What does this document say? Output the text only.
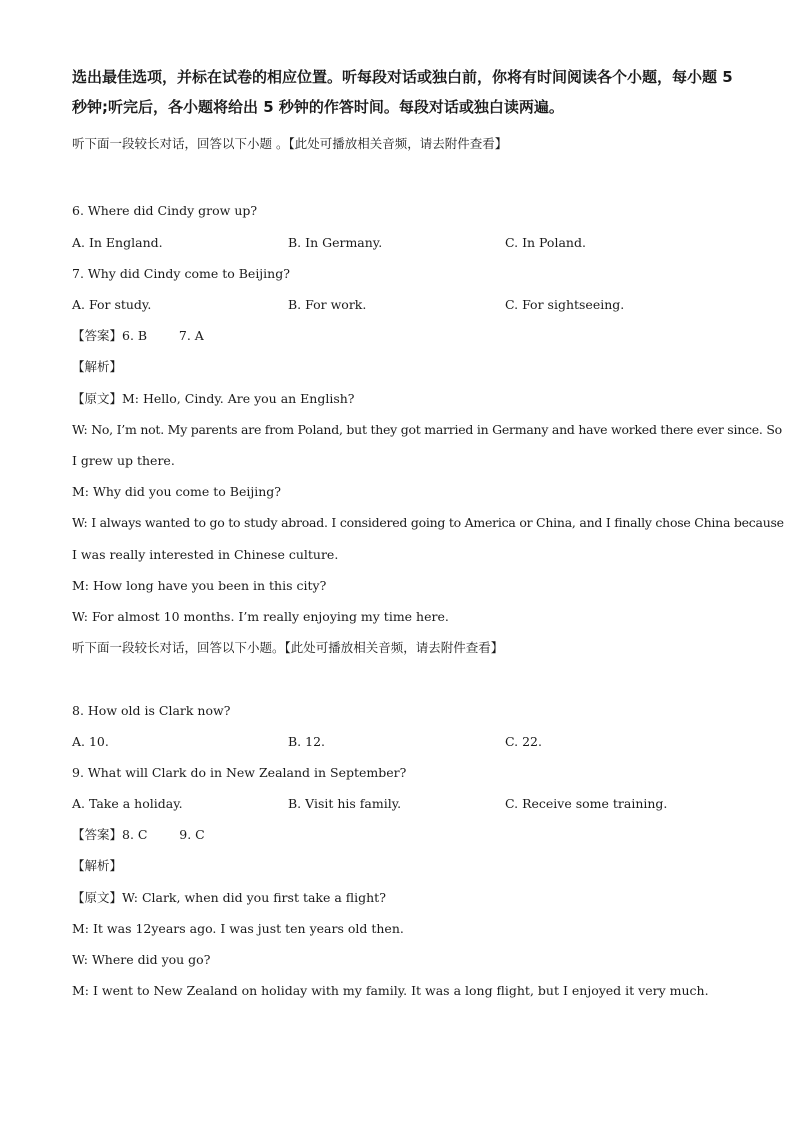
选出最佳选项，并标在试卷的相应位置。听每段对话或独白前，你将有时间阅读各个小题，每小题 5 秒钟;听完后，各小题将给出 5 秒钟的作答时间。每段对话或独白读两遍。
听下面一段较长对话，回答以下小题 。【此处可播放相关音频，请去附件查看】
6. Where did Cindy grow up?
A. In England.	B. In Germany.	C. In Poland.
7. Why did Cindy come to Beijing?
A. For study.	B. For work.	C. For sightseeing.
【答案】6. B        7. A
【解析】
【原文】M: Hello, Cindy. Are you an English?
W: No, I’m not. My parents are from Poland, but they got married in Germany and have worked there ever since. So
I grew up there.
M: Why did you come to Beijing?
W: I always wanted to go to study abroad. I considered going to America or China, and I finally chose China because
I was really interested in Chinese culture.
M: How long have you been in this city?
W: For almost 10 months. I’m really enjoying my time here.
听下面一段较长对话，回答以下小题。【此处可播放相关音频，请去附件查看】
8. How old is Clark now?
A. 10.	B. 12.	C. 22.
9. What will Clark do in New Zealand in September?
A. Take a holiday.	B. Visit his family.	C. Receive some training.
【答案】8. C        9. C
【解析】
【原文】W: Clark, when did you first take a flight?
M: It was 12years ago. I was just ten years old then.
W: Where did you go?
M: I went to New Zealand on holiday with my family. It was a long flight, but I enjoyed it very much.
